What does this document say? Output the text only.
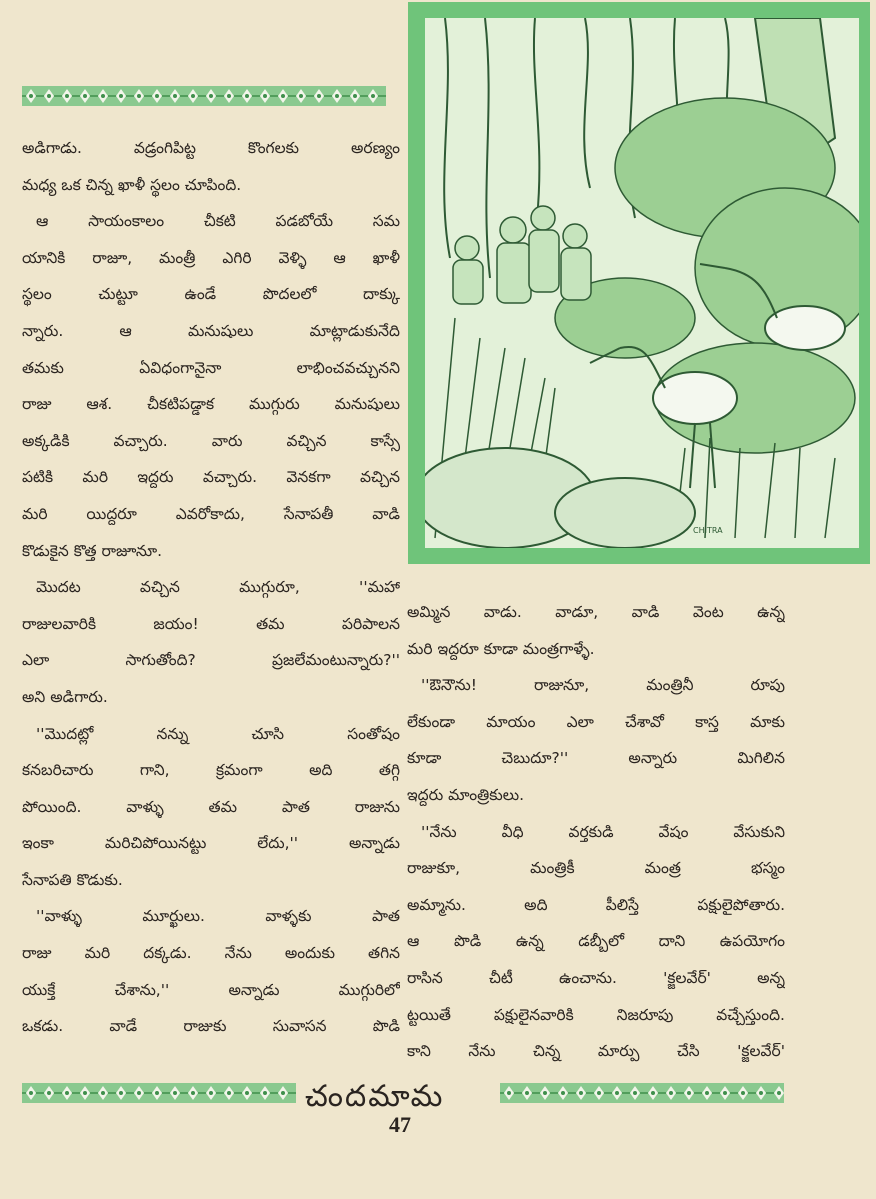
CHITRA
అడిగాడు. వడ్రంగిపిట్ట కొంగలకు అరణ్యం
మధ్య ఒక చిన్న ఖాళీ స్థలం చూపింది.
ఆ సాయంకాలం చీకటి పడబోయే సమ
యానికి రాజూ, మంత్రీ ఎగిరి వెళ్ళి ఆ ఖాళీ
స్థలం చుట్టూ ఉండే పొదలలో దాక్కు
న్నారు. ఆ మనుషులు మాట్లాడుకునేది
తమకు ఏవిధంగానైనా లాభించవచ్చునని
రాజు ఆశ. చీకటిపడ్డాక ముగ్గురు మనుషులు
అక్కడికి వచ్చారు. వారు వచ్చిన కాస్సే
పటికి మరి ఇద్దరు వచ్చారు. వెనకగా వచ్చిన
మరి యిద్దరూ ఎవరోకాదు, సేనాపతీ వాడి
కొడుకైన కొత్త రాజూనూ.
మొదట వచ్చిన ముగ్గురూ, ''మహా
రాజులవారికి జయం! తమ పరిపాలన
ఎలా సాగుతోంది? ప్రజలేమంటున్నారు?''
అని అడిగారు.
''మొదట్లో నన్ను చూసి సంతోషం
కనబరిచారు గాని, క్రమంగా అది తగ్గి
పోయింది. వాళ్ళు తమ పాత రాజును
ఇంకా మరిచిపోయినట్టు లేదు,'' అన్నాడు
సేనాపతి కొడుకు.
''వాళ్ళు మూర్ఖులు. వాళ్ళకు పాత
రాజు మరి దక్కడు. నేను అందుకు తగిన
యుక్తే చేశాను,'' అన్నాడు ముగ్గురిలో
ఒకడు. వాడే రాజుకు సువాసన పొడి
అమ్మిన వాడు. వాడూ, వాడి వెంట ఉన్న
మరి ఇద్దరూ కూడా మంత్రగాళ్ళే.
''ఔనౌను! రాజునూ, మంత్రినీ రూపు
లేకుండా మాయం ఎలా చేశావో కాస్త మాకు
కూడా చెబుదూ?'' అన్నారు మిగిలిన
ఇద్దరు మాంత్రికులు.
''నేను వీధి వర్తకుడి వేషం వేసుకుని
రాజుకూ, మంత్రికీ మంత్ర భస్మం
అమ్మాను. అది పీలిస్తే పక్షులైపోతారు.
ఆ పొడి ఉన్న డబ్బీలో దాని ఉపయోగం
రాసిన చీటీ ఉంచాను. 'క్జలవేర్' అన్న
ట్టయితే పక్షులైనవారికి నిజరూపు వచ్చేస్తుంది.
కాని నేను చిన్న మార్పు చేసి 'క్జలవేర్'
చందమామ
47
